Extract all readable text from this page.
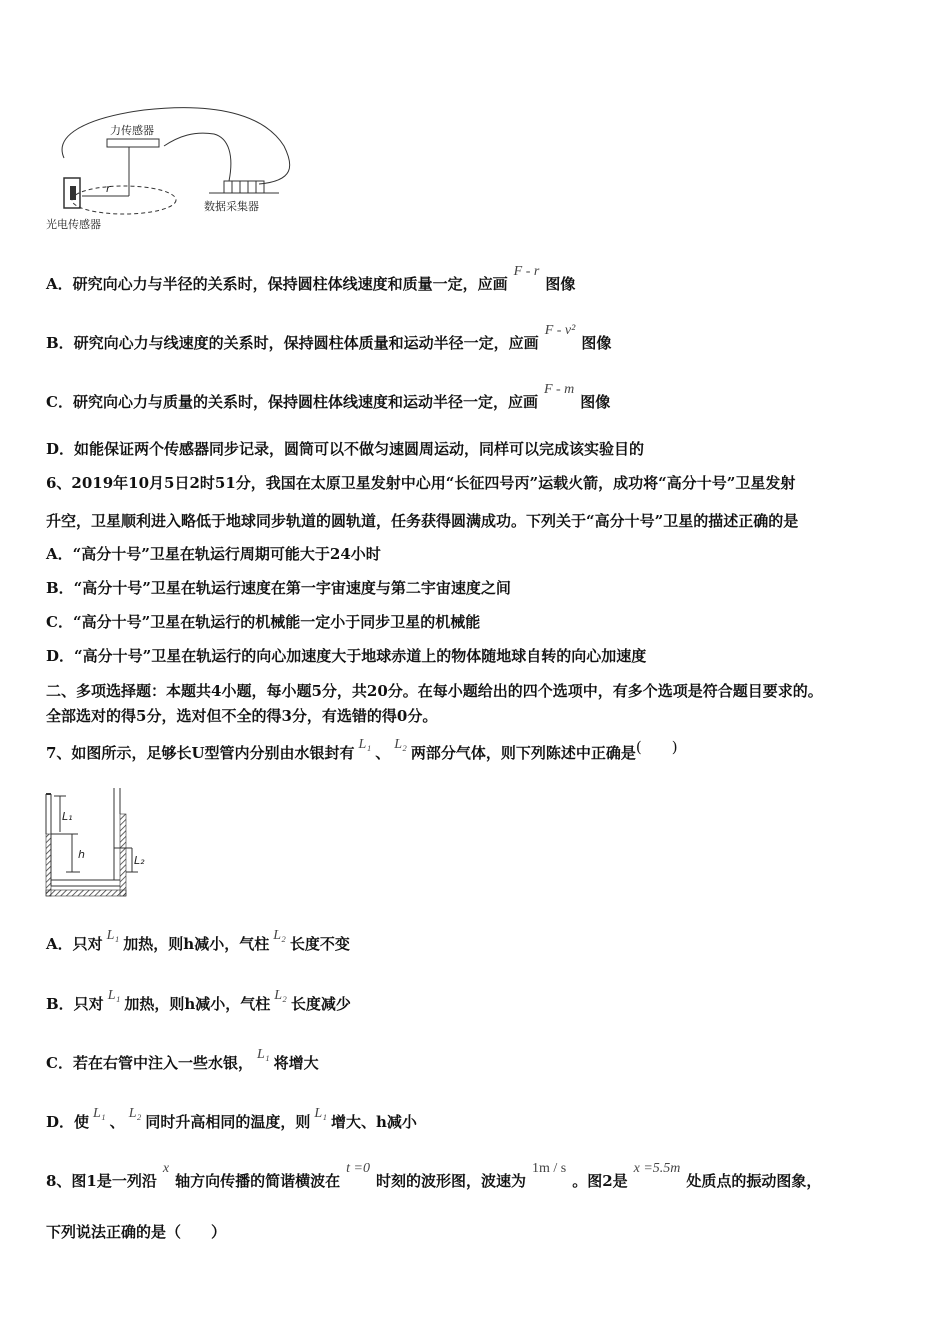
力传感器
r
数据采集器
光电传感器
A．研究向心力与半径的关系时，保持圆柱体线速度和质量一定，应画F - r图像
B．研究向心力与线速度的关系时，保持圆柱体质量和运动半径一定，应画F - v²图像
C．研究向心力与质量的关系时，保持圆柱体线速度和运动半径一定，应画F - m图像
D．如能保证两个传感器同步记录，圆筒可以不做匀速圆周运动，同样可以完成该实验目的
6、2019年10月5日2时51分，我国在太原卫星发射中心用“长征四号丙”运载火箭，成功将“高分十号”卫星发射
升空，卫星顺利进入略低于地球同步轨道的圆轨道，任务获得圆满成功。下列关于“高分十号”卫星的描述正确的是
A．“高分十号”卫星在轨运行周期可能大于24小时
B．“高分十号”卫星在轨运行速度在第一宇宙速度与第二宇宙速度之间
C．“高分十号”卫星在轨运行的机械能一定小于同步卫星的机械能
D．“高分十号”卫星在轨运行的向心加速度大于地球赤道上的物体随地球自转的向心加速度
二、多项选择题：本题共4小题，每小题5分，共20分。在每小题给出的四个选项中，有多个选项是符合题目要求的。
全部选对的得5分，选对但不全的得3分，有选错的得0分。
7、如图所示，足够长U型管内分别由水银封有 L₁ 、 L₂ 两部分气体，则下列陈述中正确是(　　)
L₁
h	L₂
A．只对 L₁ 加热，则h减小，气柱 L₂ 长度不变
B．只对 L₁ 加热，则h减小，气柱 L₂ 长度减少
C．若在右管中注入一些水银， L₁ 将增大
D．使 L₁ 、 L₂ 同时升高相同的温度，则 L₁ 增大、h减小
8、图1是一列沿x轴方向传播的简谐横波在t =0时刻的波形图，波速为1m / s。图2是x =5.5m处质点的振动图象，
下列说法正确的是（　　）
